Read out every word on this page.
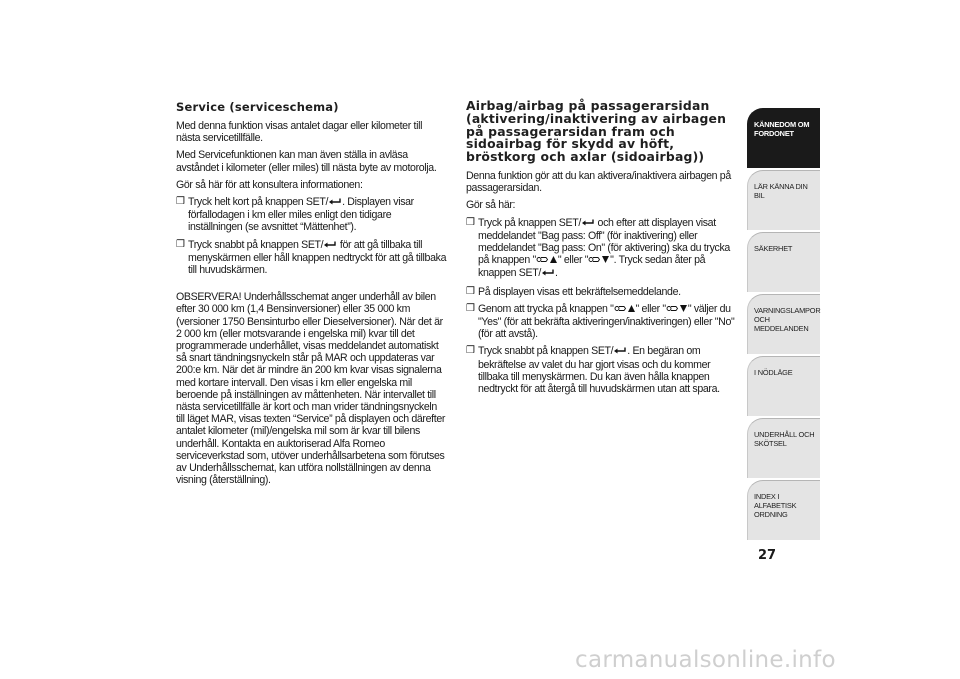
Service (serviceschema)

Med denna funktion visas antalet dagar eller kilometer till nästa servicetillfälle.

Med Servicefunktionen kan man även ställa in avläsa avståndet i kilometer (eller miles) till nästa byte av motorolja.

Gör så här för att konsultera informationen:

❒ Tryck helt kort på knappen SET/ . Displayen visar förfallodagen i km eller miles enligt den tidigare inställningen (se avsnittet “Mättenhet”).
❒ Tryck snabbt på knappen SET/ för att gå tillbaka till menyskärmen eller håll knappen nedtryckt för att gå tillbaka till huvudskärmen.

OBSERVERA! Underhållsschemat anger underhåll av bilen efter 30 000 km (1,4 Bensinversioner) eller 35 000 km (versioner 1750 Bensinturbo eller Dieselversioner). När det är 2 000 km (eller motsvarande i engelska mil) kvar till det programmerade underhållet, visas meddelandet automatiskt så snart tändningsnyckeln står på MAR och uppdateras var 200:e km. När det är mindre än 200 km kvar visas signalerna med kortare intervall. Den visas i km eller engelska mil beroende på inställningen av måttenheten. När intervallet till nästa servicetillfälle är kort och man vrider tändningsnyckeln till läget MAR, visas texten “Service” på displayen och därefter antalet kilometer (mil)/engelska mil som är kvar till bilens underhåll. Kontakta en auktoriserad Alfa Romeo serviceverkstad som, utöver underhållsarbetena som förutses av Underhållsschemat, kan utföra nollställningen av denna visning (återställning).

Airbag/airbag på passagerarsidan (aktivering/inaktivering av airbagen på passagerarsidan fram och sidoairbag för skydd av höft, bröstkorg och axlar (sidoairbag))

Denna funktion gör att du kan aktivera/inaktivera airbagen på passagerarsidan.

Gör så här:

❒ Tryck på knappen SET/ och efter att displayen visat meddelandet "Bag pass: Off" (för inaktivering) eller meddelandet "Bag pass: On" (för aktivering) ska du trycka på knappen " " eller " ". Tryck sedan åter på knappen SET/ .
❒ På displayen visas ett bekräftelsemeddelande.
❒ Genom att trycka på knappen " " eller " " väljer du "Yes" (för att bekräfta aktiveringen/inaktiveringen) eller "No" (för att avstå).
❒ Tryck snabbt på knappen SET/ . En begäran om bekräftelse av valet du har gjort visas och du kommer tillbaka till menyskärmen. Du kan även hålla knappen nedtryckt för att återgå till huvudskärmen utan att spara.
KÄNNEDOM OM FORDONET
LÄR KÄNNA DIN BIL
SÄKERHET
VARNINGSLAMPOR OCH MEDDELANDEN
I NÖDLÄGE
UNDERHÅLL OCH SKÖTSEL
INDEX I ALFABETISK ORDNING
27
carmanualsonline.info
